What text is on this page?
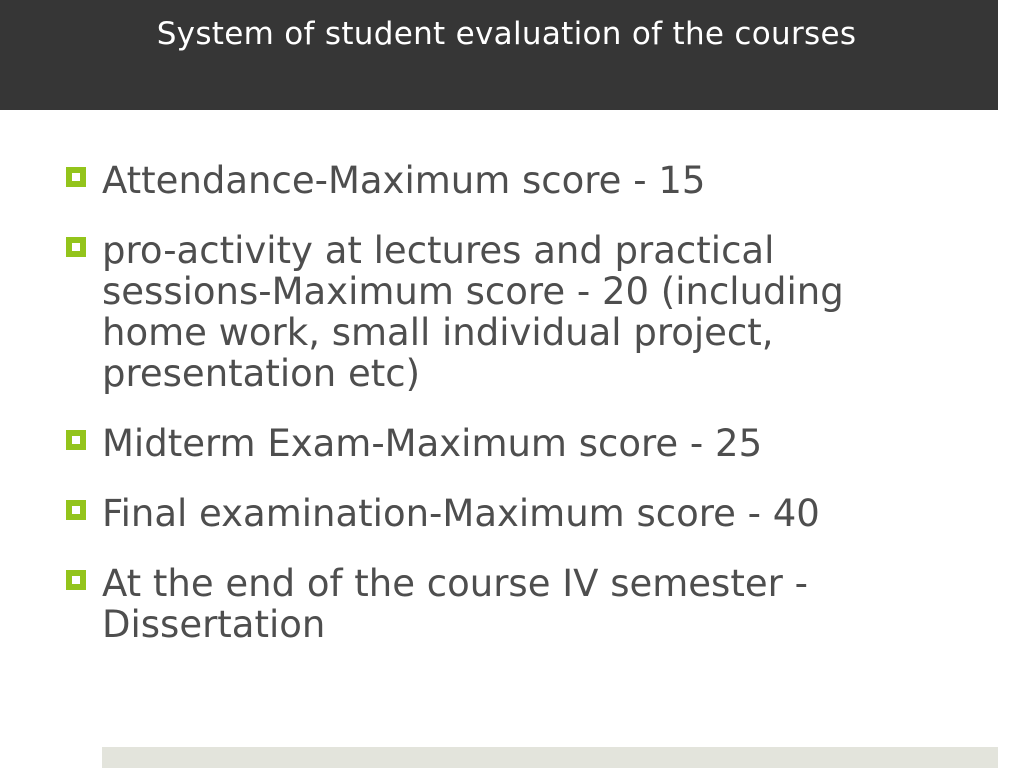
System of student evaluation of the courses
Attendance-Maximum score - 15
pro-activity at lectures and practical sessions-Maximum score - 20 (including home work, small individual project, presentation etc)
Midterm Exam-Maximum score - 25
Final examination-Maximum score - 40
At the end of the course IV semester - Dissertation
